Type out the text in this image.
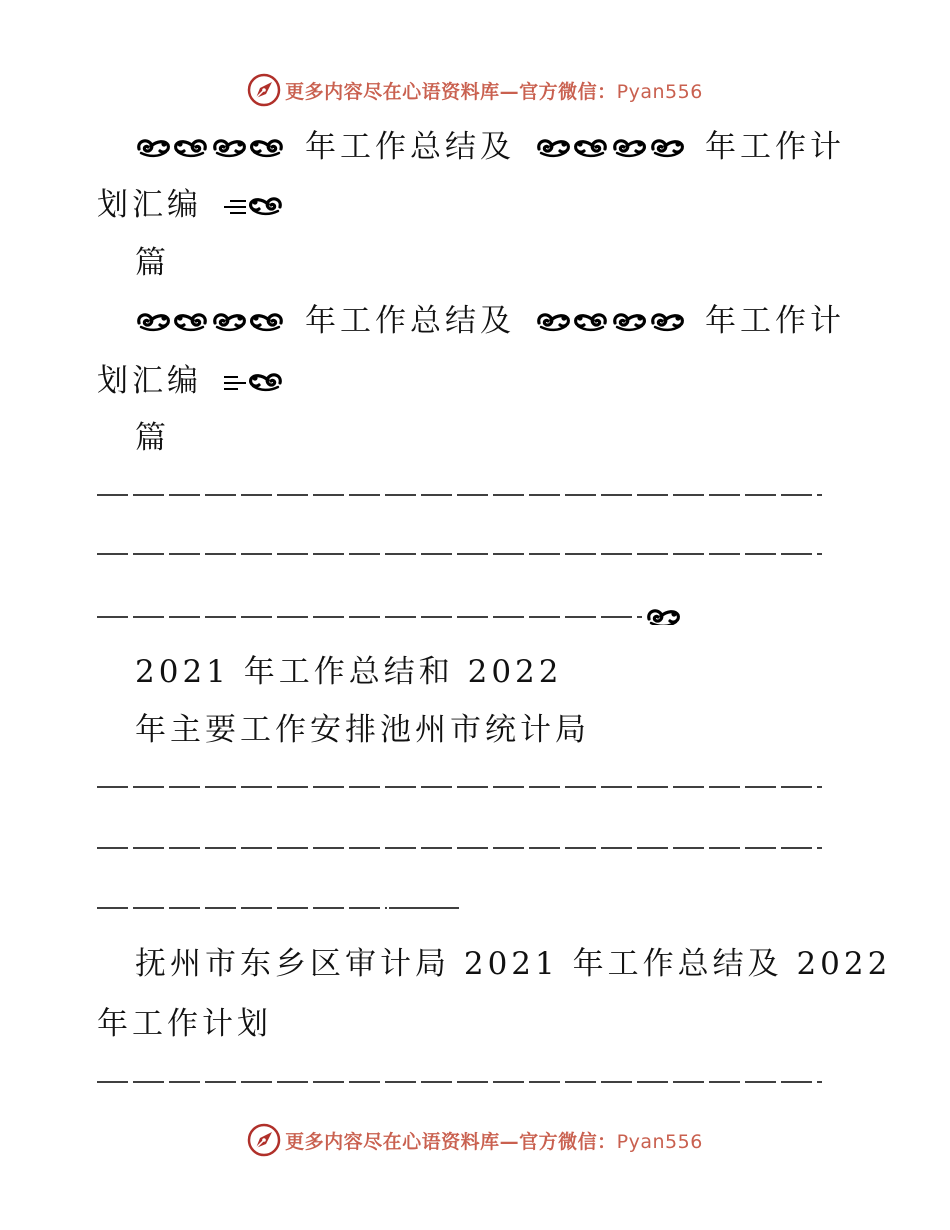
更多内容尽在心语资料库—官方微信：Pyan556
年工作总结及	年工作计
划汇编
篇
年工作总结及	年工作计
划汇编
篇
2021 年工作总结和 2022
年主要工作安排池州市统计局
抚州市东乡区审计局 2021 年工作总结及 2022
年工作计划
更多内容尽在心语资料库—官方微信：Pyan556
